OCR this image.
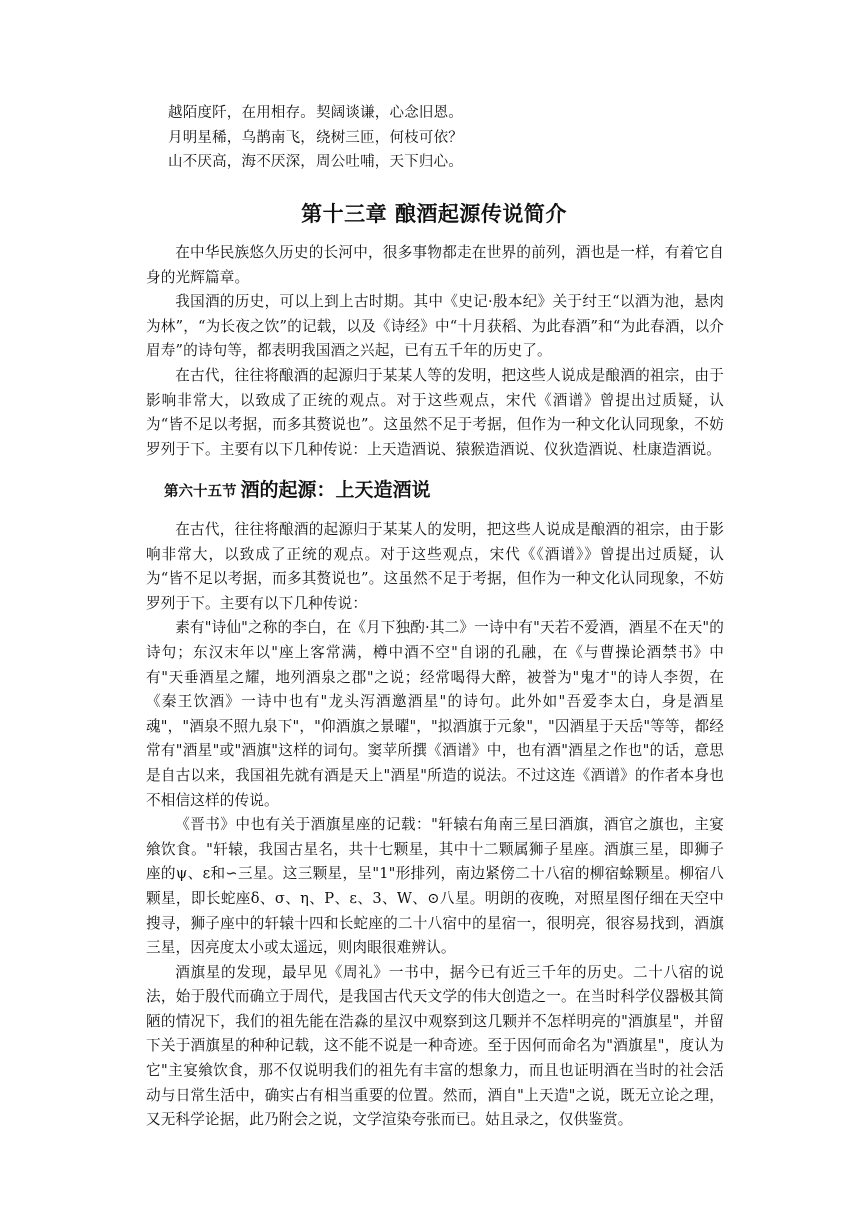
越陌度阡，在用相存。契阔谈谦，心念旧恩。
月明星稀，乌鹊南飞，绕树三匝，何枝可依？
山不厌高，海不厌深，周公吐哺，天下归心。
第十三章 酿酒起源传说简介

在中华民族悠久历史的长河中，很多事物都走在世界的前列，酒也是一样，有着它自身的光辉篇章。

我国酒的历史，可以上到上古时期。其中《史记·殷本纪》关于纣王“以酒为池，悬肉为林”，“为长夜之饮”的记载，以及《诗经》中“十月获稻、为此春酒”和“为此春酒，以介眉寿”的诗句等，都表明我国酒之兴起，已有五千年的历史了。

在古代，往往将酿酒的起源归于某某人等的发明，把这些人说成是酿酒的祖宗，由于影响非常大，以致成了正统的观点。对于这些观点，宋代《酒谱》曾提出过质疑，认为“皆不足以考据，而多其赘说也”。这虽然不足于考据，但作为一种文化认同现象，不妨罗列于下。主要有以下几种传说：上天造酒说、猿猴造酒说、仪狄造酒说、杜康造酒说。

第六十五节 酒的起源：上天造酒说

在古代，往往将酿酒的起源归于某某人的发明，把这些人说成是酿酒的祖宗，由于影响非常大，以致成了正统的观点。对于这些观点，宋代《《酒谱》》曾提出过质疑，认为“皆不足以考据，而多其赘说也”。这虽然不足于考据，但作为一种文化认同现象，不妨罗列于下。主要有以下几种传说：

素有"诗仙"之称的李白，在《月下独酌·其二》一诗中有"天若不爱酒，酒星不在天"的诗句；东汉末年以"座上客常满，樽中酒不空"自诩的孔融，在《与曹操论酒禁书》中有"天垂酒星之耀，地列酒泉之郡"之说；经常喝得大醉，被誉为"鬼才"的诗人李贺，在《秦王饮酒》一诗中也有"龙头泻酒邀酒星"的诗句。此外如"吾爱李太白，身是酒星魂"，"酒泉不照九泉下"，"仰酒旗之景曜"，"拟酒旗于元象"，"囚酒星于天岳"等等，都经常有"酒星"或"酒旗"这样的词句。窦苹所撰《酒谱》中，也有酒"酒星之作也"的话，意思是自古以来，我国祖先就有酒是天上"酒星"所造的说法。不过这连《酒谱》的作者本身也不相信这样的传说。

《晋书》中也有关于酒旗星座的记载："轩辕右角南三星曰酒旗，酒官之旗也，主宴飨饮食。"轩辕，我国古星名，共十七颗星，其中十二颗属狮子星座。酒旗三星，即狮子座的ψ、ε和∽三星。这三颗星，呈"1"形排列，南边紧傍二十八宿的柳宿蜍颗星。柳宿八颗星，即长蛇座δ、σ、η、Ρ、ε、3、W、⊙八星。明朗的夜晚，对照星图仔细在天空中搜寻，狮子座中的轩辕十四和长蛇座的二十八宿中的星宿一，很明亮，很容易找到，酒旗三星，因亮度太小或太遥远，则肉眼很难辨认。

酒旗星的发现，最早见《周礼》一书中，据今已有近三千年的历史。二十八宿的说法，始于殷代而确立于周代，是我国古代天文学的伟大创造之一。在当时科学仪器极其简陋的情况下，我们的祖先能在浩淼的星汉中观察到这几颗并不怎样明亮的"酒旗星"，并留下关于酒旗星的种种记载，这不能不说是一种奇迹。至于因何而命名为"酒旗星"，度认为它"主宴飨饮食，那不仅说明我们的祖先有丰富的想象力，而且也证明酒在当时的社会活动与日常生活中，确实占有相当重要的位置。然而，酒自"上天造"之说，既无立论之理，又无科学论据，此乃附会之说，文学渲染夸张而已。姑且录之，仅供鉴赏。
